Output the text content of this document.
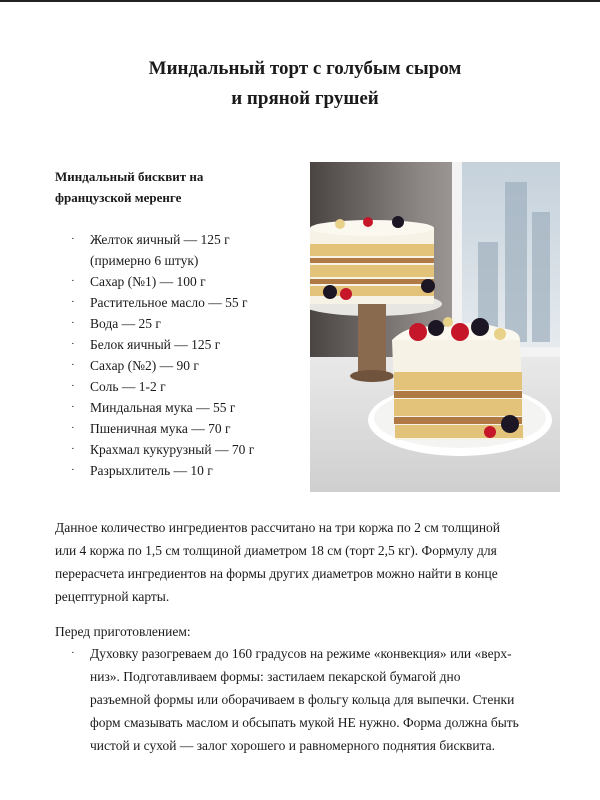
Миндальный торт с голубым сыром
и пряной грушей
Миндальный бисквит на
французской меренге
· Желток яичный — 125 г
(примерно 6 штук)
· Сахар (№1) — 100 г
· Растительное масло — 55 г
· Вода — 25 г
· Белок яичный — 125 г
· Сахар (№2) — 90 г
· Соль — 1-2 г
· Миндальная мука — 55 г
· Пшеничная мука — 70 г
· Крахмал кукурузный — 70 г
· Разрыхлитель — 10 г

Данное количество ингредиентов рассчитано на три коржа по 2 см толщиной
или 4 коржа по 1,5 см толщиной диаметром 18 см (торт 2,5 кг). Формулу для
перерасчета ингредиентов на формы других диаметров можно найти в конце
рецептурной карты.

Перед приготовлением:

· Духовку разогреваем до 160 градусов на режиме «конвекция» или «верх-
низ». Подготавливаем формы: застилаем пекарской бумагой дно
разъемной формы или оборачиваем в фольгу кольца для выпечки. Стенки
форм смазывать маслом и обсыпать мукой НЕ нужно. Форма должна быть
чистой и сухой — залог хорошего и равномерного поднятия бисквита.
